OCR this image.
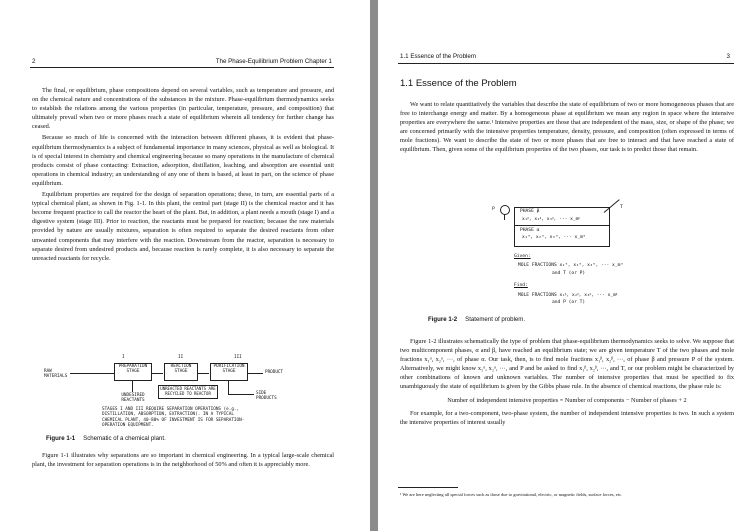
2	The Phase-Equilibrium Problem Chapter 1

The final, or equilibrium, phase compositions depend on several variables, such as temperature and pressure, and on the chemical nature and concentrations of the substances in the mixture. Phase-equilibrium thermodynamics seeks to establish the relations among the various properties (in particular, temperature, pressure, and composition) that ultimately prevail when two or more phases reach a state of equilibrium wherein all tendency for further change has ceased.

Because so much of life is concerned with the interaction between different phases, it is evident that phase-equilibrium thermodynamics is a subject of fundamental importance in many sciences, physical as well as biological. It is of special interest in chemistry and chemical engineering because so many operations in the manufacture of chemical products consist of phase contacting: Extraction, adsorption, distillation, leaching, and absorption are essential unit operations in chemical industry; an understanding of any one of them is based, at least in part, on the science of phase equilibrium.

Equilibrium properties are required for the design of separation operations; these, in turn, are essential parts of a typical chemical plant, as shown in Fig. 1-1. In this plant, the central part (stage II) is the chemical reactor and it has become frequent practice to call the reactor the heart of the plant. But, in addition, a plant needs a mouth (stage I) and a digestive system (stage III). Prior to reaction, the reactants must be prepared for reaction; because the raw materials provided by nature are usually mixtures, separation is often required to separate the desired reactants from other unwanted components that may interfere with the reaction. Downstream from the reactor, separation is necessary to separate desired from undesired products and, because reaction is rarely complete, it is also necessary to separate the unreacted reactants for recycle.

I	II	III
RAW MATERIALS
PREPARATION STAGE
REACTION STAGE
PURIFICATION STAGE	PRODUCT
UNDESIRED REACTANTS
UNREACTED REACTANTS ARE RECYCLED TO REACTOR	SIDE PRODUCTS
STAGES I AND III REQUIRE SEPARATION OPERATIONS (e.g., DISTILLATION, ABSORPTION, EXTRACTION). IN A TYPICAL CHEMICAL PLANT, 40-80% OF INVESTMENT IS FOR SEPARATION-OPERATION EQUIPMENT.
Figure 1-1 Schematic of a chemical plant.

Figure 1-1 illustrates why separations are so important in chemical engineering. In a typical large-scale chemical plant, the investment for separation operations is in the neighborhood of 50% and often it is appreciably more.

1.1 Essence of the Problem	3
1.1 Essence of the Problem

We want to relate quantitatively the variables that describe the state of equilibrium of two or more homogeneous phases that are free to interchange energy and matter. By a homogeneous phase at equilibrium we mean any region in space where the intensive properties are everywhere the same.¹ Intensive properties are those that are independent of the mass, size, or shape of the phase; we are concerned primarily with the intensive properties temperature, density, pressure, and composition (often expressed in terms of mole fractions). We want to describe the state of two or more phases that are free to interact and that have reached a state of equilibrium. Then, given some of the equilibrium properties of the two phases, our task is to predict those that remain.

P	PHASE β
x₁ᵝ, x₂ᵝ, x₃ᵝ, ··· x_mᵝ
PHASE α
x₁ᵅ, x₂ᵅ, x₃ᵅ, ··· x_mᵅ
T
Given:
MOLE FRACTIONS x₁ᵅ, x₂ᵅ, x₃ᵅ, ··· x_mᵅ
and T (or P)
Find:
MOLE FRACTIONS x₁ᵝ, x₂ᵝ, x₃ᵝ, ··· x_mᵝ
and P (or T)
Figure 1-2 Statement of problem.

Figure 1-2 illustrates schematically the type of problem that phase-equilibrium thermodynamics seeks to solve. We suppose that two multicomponent phases, α and β, have reached an equilibrium state; we are given temperature T of the two phases and mole fractions x₁ᵅ, x₂ᵅ, ···, of phase α. Our task, then, is to find mole fractions x₁ᵝ, x₂ᵝ, ···, of phase β and pressure P of the system. Alternatively, we might know x₁ᵅ, x₂ᵅ, ···, and P and be asked to find x₁ᵝ, x₂ᵝ, ···, and T, or our problem might be characterized by other combinations of known and unknown variables. The number of intensive properties that must be specified to fix unambiguously the state of equilibrium is given by the Gibbs phase rule. In the absence of chemical reactions, the phase rule is:

Number of independent intensive properties = Number of components − Number of phases + 2

For example, for a two-component, two-phase system, the number of independent intensive properties is two. In such a system the intensive properties of interest usually

¹ We are here neglecting all special forces such as those due to gravitational, electric, or magnetic fields, surface forces, etc.
